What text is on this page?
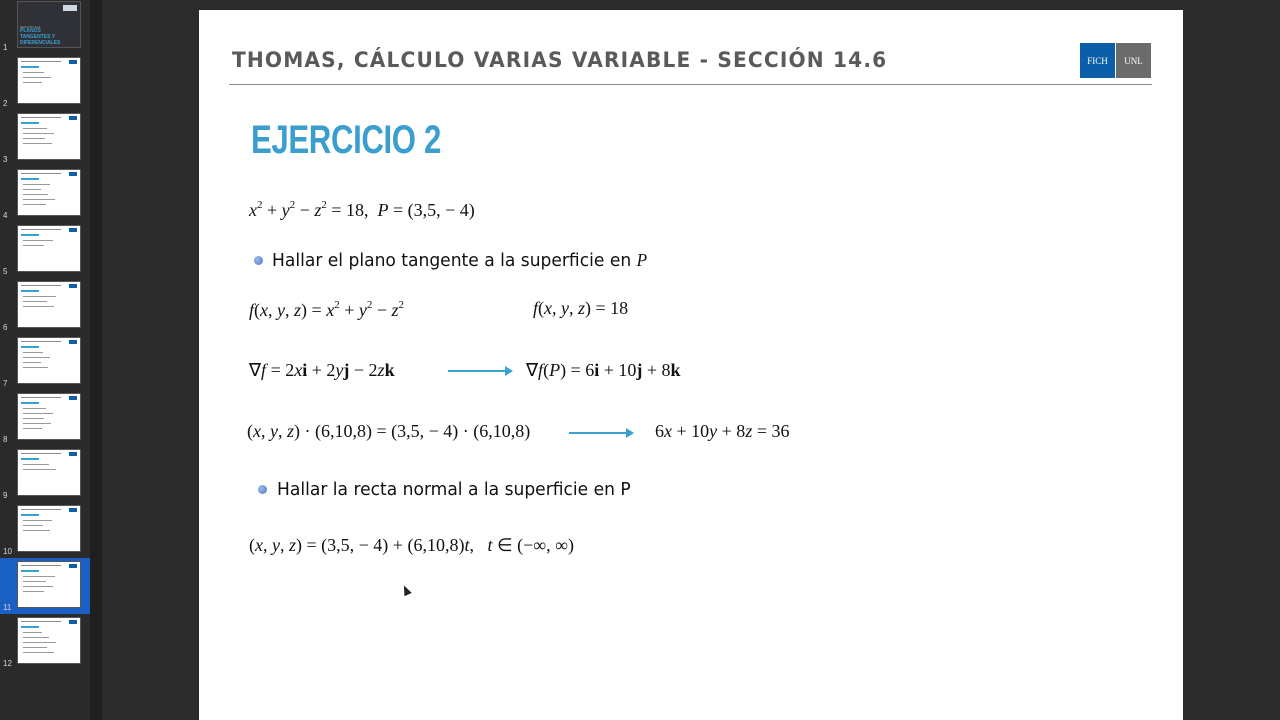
SECCIÓN 14.6
PLANOS TANGENTES Y DIFERENCIALES
1
2
3
4
5
6
7
8
9
10
11
12
THOMAS, CÁLCULO VARIAS VARIABLE - SECCIÓN 14.6	FICH	UNL
EJERCICIO 2
$x^2 + y^2 - z^2 = 18$,  P = (3,5, − 4)
Hallar el plano tangente a la superficie en P
f(x, y, $z) = x^2 + y^2 - z^2$	f(x, y, z) = 18
∇f = 2xi + 2yj − 2zk	∇f(P) = 6i + 10j + 8k
(x, y, z) · (6,10,8) = (3,5, − 4) · (6,10,8)	6x + 10y + 8z = 36
Hallar la recta normal a la superficie en P
(x, y, z) = (3,5, − 4) + (6,10,8)t,   t ∈ (−∞, ∞)
